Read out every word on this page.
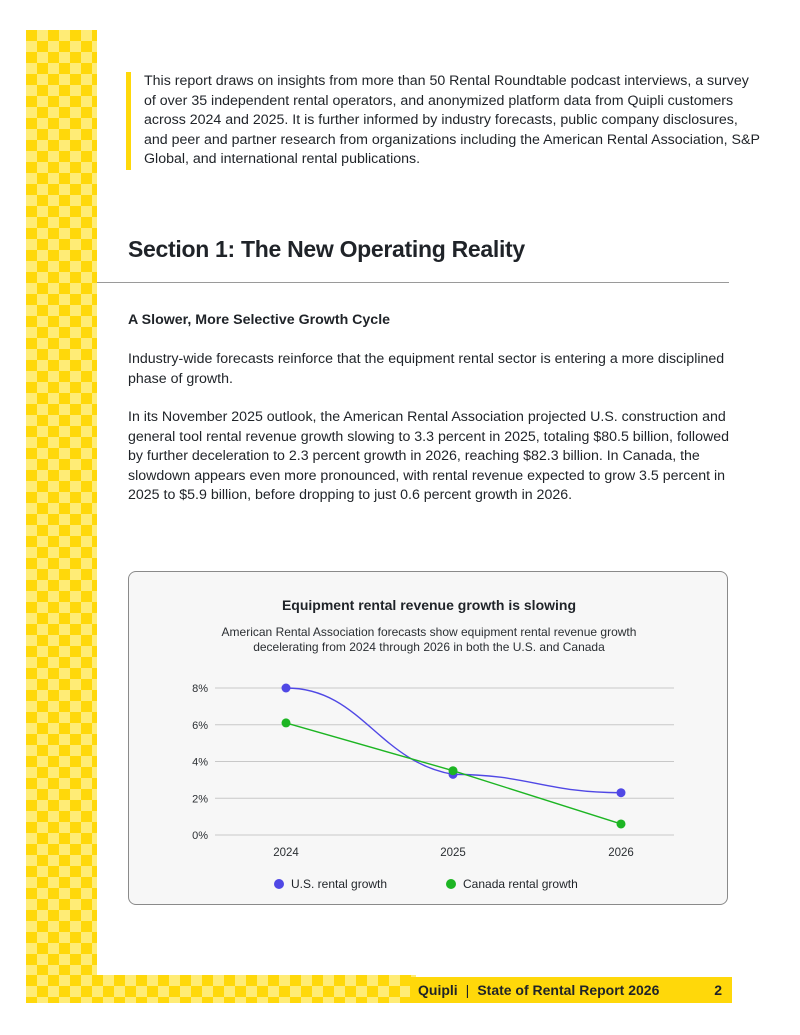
This report draws on insights from more than 50 Rental Roundtable podcast interviews, a survey of over 35 independent rental operators, and anonymized platform data from Quipli customers across 2024 and 2025. It is further informed by industry forecasts, public company disclosures, and peer and partner research from organizations including the American Rental Association, S&P Global, and international rental publications.
Section 1: The New Operating Reality
A Slower, More Selective Growth Cycle
Industry-wide forecasts reinforce that the equipment rental sector is entering a more disciplined phase of growth.
In its November 2025 outlook, the American Rental Association projected U.S. construction and general tool rental revenue growth slowing to 3.3 percent in 2025, totaling $80.5 billion, followed by further deceleration to 2.3 percent growth in 2026, reaching $82.3 billion. In Canada, the slowdown appears even more pronounced, with rental revenue expected to grow 3.5 percent in 2025 to $5.9 billion, before dropping to just 0.6 percent growth in 2026.
Equipment rental revenue growth is slowing
American Rental Association forecasts show equipment rental revenue growth decelerating from 2024 through 2026 in both the U.S. and Canada
0%
2%
4%
6%
8%
2024	2025	2026
U.S. rental growth	Canada rental growth
Quipli | State of Rental Report 2026	2
